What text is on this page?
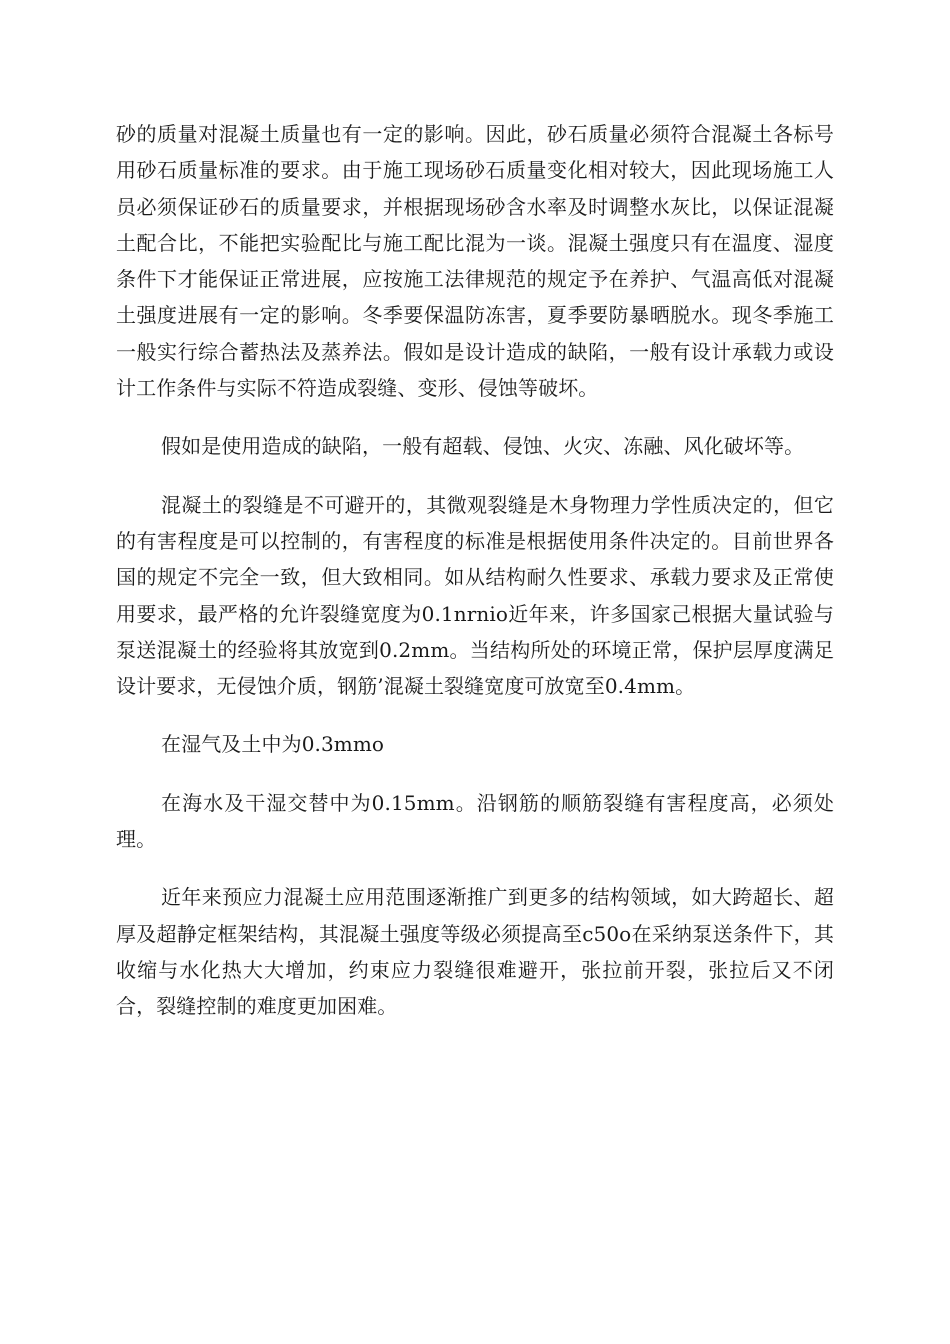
砂的质量对混凝土质量也有一定的影响。因此，砂石质量必须符合混凝土各标号用砂石质量标准的要求。由于施工现场砂石质量变化相对较大，因此现场施工人员必须保证砂石的质量要求，并根据现场砂含水率及时调整水灰比，以保证混凝土配合比，不能把实验配比与施工配比混为一谈。混凝土强度只有在温度、湿度条件下才能保证正常进展，应按施工法律规范的规定予在养护、气温高低对混凝土强度进展有一定的影响。冬季要保温防冻害，夏季要防暴晒脱水。现冬季施工一般实行综合蓄热法及蒸养法。假如是设计造成的缺陷，一般有设计承载力或设计工作条件与实际不符造成裂缝、变形、侵蚀等破坏。

假如是使用造成的缺陷，一般有超载、侵蚀、火灾、冻融、风化破坏等。

混凝土的裂缝是不可避开的，其微观裂缝是木身物理力学性质决定的，但它的有害程度是可以控制的，有害程度的标准是根据使用条件决定的。目前世界各国的规定不完全一致，但大致相同。如从结构耐久性要求、承载力要求及正常使用要求，最严格的允许裂缝宽度为0.1nrnio近年来，许多国家己根据大量试验与泵送混凝土的经验将其放宽到0.2mm。当结构所处的环境正常，保护层厚度满足设计要求，无侵蚀介质，钢筋’混凝土裂缝宽度可放宽至0.4mm。

在湿气及土中为0.3mmo

在海水及干湿交替中为0.15mm。沿钢筋的顺筋裂缝有害程度高，必须处理。

近年来预应力混凝土应用范围逐渐推广到更多的结构领域，如大跨超长、超厚及超静定框架结构，其混凝土强度等级必须提高至c50o在采纳泵送条件下，其收缩与水化热大大增加，约束应力裂缝很难避开，张拉前开裂，张拉后又不闭合，裂缝控制的难度更加困难。
